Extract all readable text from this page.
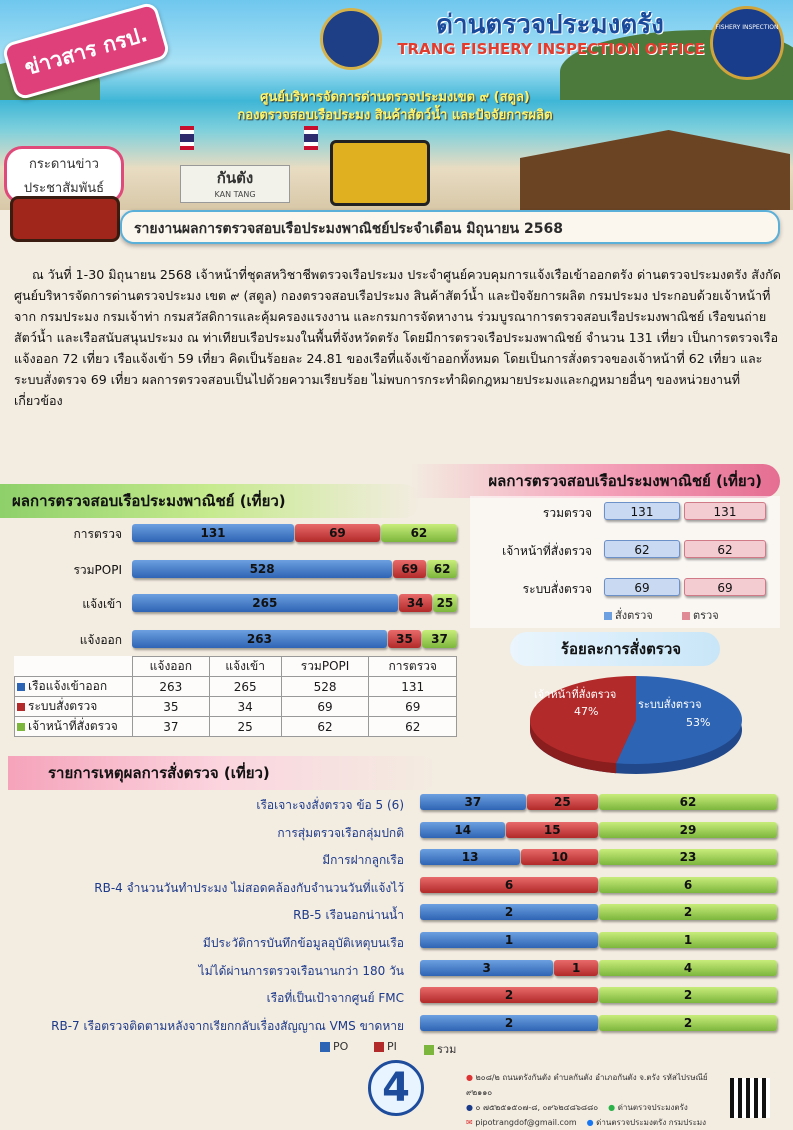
กันตัง
KAN TANG
ข่าวสาร กรป.	FISHERY INSPECTION
ด่านตรวจประมงตรัง
TRANG FISHERY INSPECTION OFFICE
ศูนย์บริหารจัดการด่านตรวจประมงเขต ๙ (สตูล)
กองตรวจสอบเรือประมง สินค้าสัตว์น้ำ และปัจจัยการผลิต
กระดานข่าว
ประชาสัมพันธ์
รายงานผลการตรวจสอบเรือประมงพาณิชย์ประจำเดือน มิถุนายน 2568
ณ วันที่ 1-30 มิถุนายน 2568 เจ้าหน้าที่ชุดสหวิชาชีพตรวจเรือประมง ประจำศูนย์ควบคุมการแจ้งเรือเข้าออกตรัง ด่านตรวจประมงตรัง สังกัดศูนย์บริหารจัดการด่านตรวจประมง เขต ๙ (สตูล) กองตรวจสอบเรือประมง สินค้าสัตว์น้ำ และปัจจัยการผลิต กรมประมง ประกอบด้วยเจ้าหน้าที่จาก กรมประมง กรมเจ้าท่า กรมสวัสดิการและคุ้มครองแรงงาน และกรมการจัดหางาน ร่วมบูรณาการตรวจสอบเรือประมงพาณิชย์ เรือขนถ่ายสัตว์น้ำ และเรือสนับสนุนประมง ณ ท่าเทียบเรือประมงในพื้นที่จังหวัดตรัง โดยมีการตรวจเรือประมงพาณิชย์ จำนวน 131 เที่ยว เป็นการตรวจเรือแจ้งออก 72 เที่ยว เรือแจ้งเข้า 59 เที่ยว คิดเป็นร้อยละ 24.81 ของเรือที่แจ้งเข้าออกทั้งหมด โดยเป็นการสั่งตรวจของเจ้าหน้าที่ 62 เที่ยว และระบบสั่งตรวจ 69 เที่ยว ผลการตรวจสอบเป็นไปด้วยความเรียบร้อย ไม่พบการกระทำผิดกฎหมายประมงและกฎหมายอื่นๆ ของหน่วยงานที่เกี่ยวข้อง
ผลการตรวจสอบเรือประมงพาณิชย์ (เที่ยว)
ผลการตรวจสอบเรือประมงพาณิชย์ (เที่ยว)
การตรวจ	131	69	62
รวมPOPI	528	69	62
แจ้งเข้า	265	34	25
แจ้งออก	263	35	37
	แจ้งออก	แจ้งเข้า	รวมPOPI	การตรวจ
เรือแจ้งเข้าออก	263	265	528	131
ระบบสั่งตรวจ	35	34	69	69
เจ้าหน้าที่สั่งตรวจ	37	25	62	62
รวมตรวจ	131	131
เจ้าหน้าที่สั่งตรวจ	62	62
ระบบสั่งตรวจ	69	69
สั่งตรวจ	ตรวจ
ร้อยละการสั่งตรวจ
เจ้าหน้าที่สั่งตรวจ
47%
ระบบสั่งตรวจ
53%
รายการเหตุผลการสั่งตรวจ (เที่ยว)
เรือเจาะจงสั่งตรวจ ข้อ 5 (6)	37	25	62
การสุ่มตรวจเรือกลุ่มปกติ	14	15	29
มีการฝากลูกเรือ	13	10	23
RB-4 จำนวนวันทำประมง ไม่สอดคล้องกับจำนวนวันที่แจ้งไว้	6	6
RB-5 เรือนอกน่านน้ำ	2	2
มีประวัติการบันทึกข้อมูลอุบัติเหตุบนเรือ	1	1
ไม่ได้ผ่านการตรวจเรือนานกว่า 180 วัน	3	1	4
เรือที่เป็นเป้าจากศูนย์ FMC	2	2
RB-7 เรือตรวจติดตามหลังจากเรียกกลับเรื่องสัญญาณ VMS ขาดหาย	2	2
PO	PI	รวม
4	● ๒๐๘/๒ ถนนตรังกันตัง ตำบลกันตัง อำเภอกันตัง จ.ตรัง รหัสไปรษณีย์ ๙๒๑๑๐
● ๐ ๗๕๒๕๑๕๐๗-๘, ๐๙๖๒๔๘๖๘๘๐ ● ด่านตรวจประมงตรัง
✉ pipotrangdof@gmail.com ● ด่านตรวจประมงตรัง กรมประมง
